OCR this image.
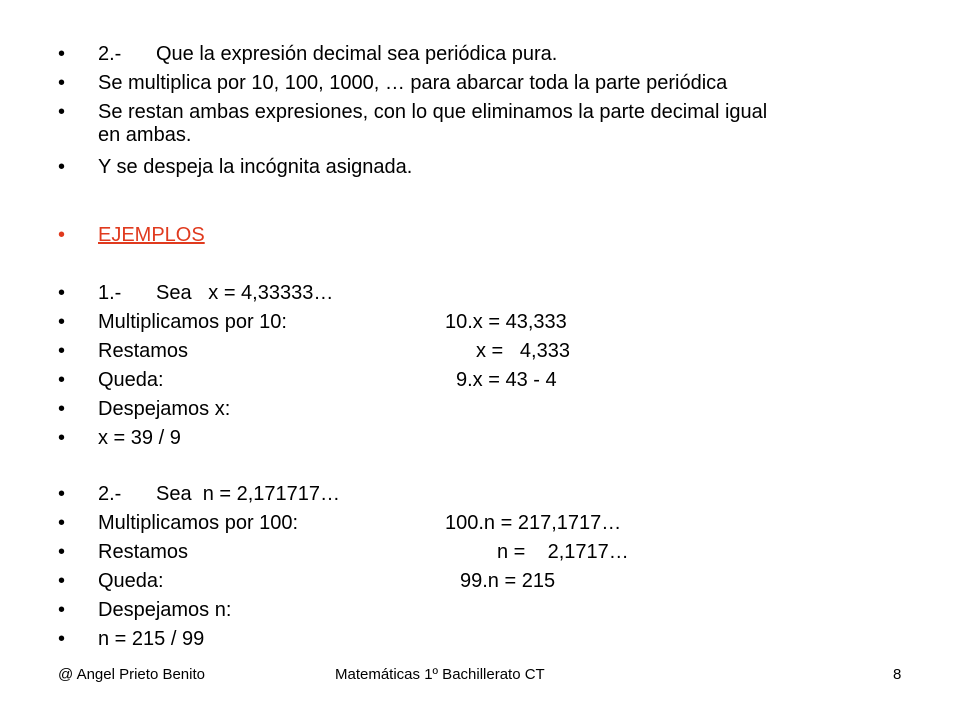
•	2.- Que la expresión decimal sea periódica pura.
•	Se multiplica por 10, 100, 1000, … para abarcar toda la parte periódica
•	Se restan ambas expresiones, con lo que eliminamos la parte decimal igual
en ambas.
•	Y se despeja la incógnita asignada.
•	EJEMPLOS
•	1.- Sea   x = 4,33333…
•	Multiplicamos por 10:	10.x = 43,333
•	Restamos	x =   4,333
•	Queda:	9.x = 43 - 4
•	Despejamos x:
•	x = 39 / 9
•	2.- Sea  n = 2,171717…
•	Multiplicamos por 100:	100.n = 217,1717…
•	Restamos	n =    2,1717…
•	Queda:	99.n = 215
•	Despejamos n:
•	n = 215 / 99
@ Angel Prieto Benito	Matemáticas 1º Bachillerato CT	8
